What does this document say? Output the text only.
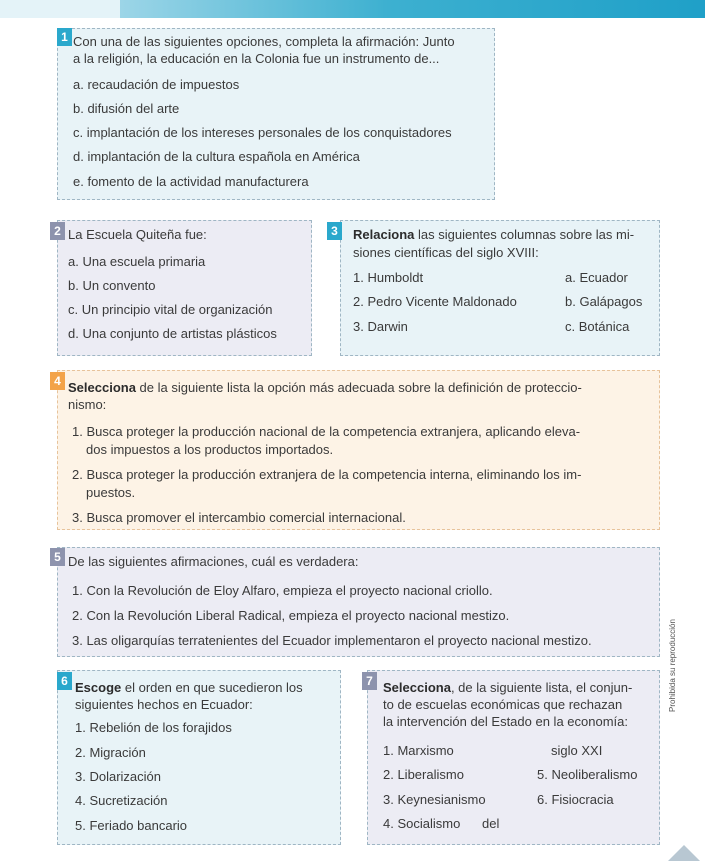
1 Con una de las siguientes opciones, completa la afirmación: Junto
a la religión, la educación en la Colonia fue un instrumento de...
a. recaudación de impuestos
b. difusión del arte
c. implantación de los intereses personales de los conquistadores
d. implantación de la cultura española en América
e. fomento de la actividad manufacturera
2 La Escuela Quiteña fue:
a. Una escuela primaria
b. Un convento
c. Un principio vital de organización
d. Una conjunto de artistas plásticos
3	Relaciona las siguientes columnas sobre las mi-
siones científicas del siglo XVIII:
1. Humboldt
2. Pedro Vicente Maldonado
3. Darwin
a. Ecuador
b. Galápagos
c. Botánica
4 Selecciona de la siguiente lista la opción más adecuada sobre la definición de proteccio-
nismo:
1. Busca proteger la producción nacional de la competencia extranjera, aplicando eleva-
dos impuestos a los productos importados.
2. Busca proteger la producción extranjera de la competencia interna, eliminando los im-
puestos.
3. Busca promover el intercambio comercial internacional.
5 De las siguientes afirmaciones, cuál es verdadera:
1. Con la Revolución de Eloy Alfaro, empieza el proyecto nacional criollo.
2. Con la Revolución Liberal Radical, empieza el proyecto nacional mestizo.
3. Las oligarquías terratenientes del Ecuador implementaron el proyecto nacional mestizo.
6 Escoge el orden en que sucedieron los
siguientes hechos en Ecuador:
1. Rebelión de los forajidos
2. Migración
3. Dolarización
4. Sucretización
5. Feriado bancario
7 Selecciona, de la siguiente lista, el conjun-
to de escuelas económicas que rechazan
la intervención del Estado en la economía:
1. Marxismo
2. Liberalismo
3. Keynesianismo
4. Socialismo
siglo XXI
5. Neoliberalismo
6. Fisiocracia
del
Prohibida su reproducción
